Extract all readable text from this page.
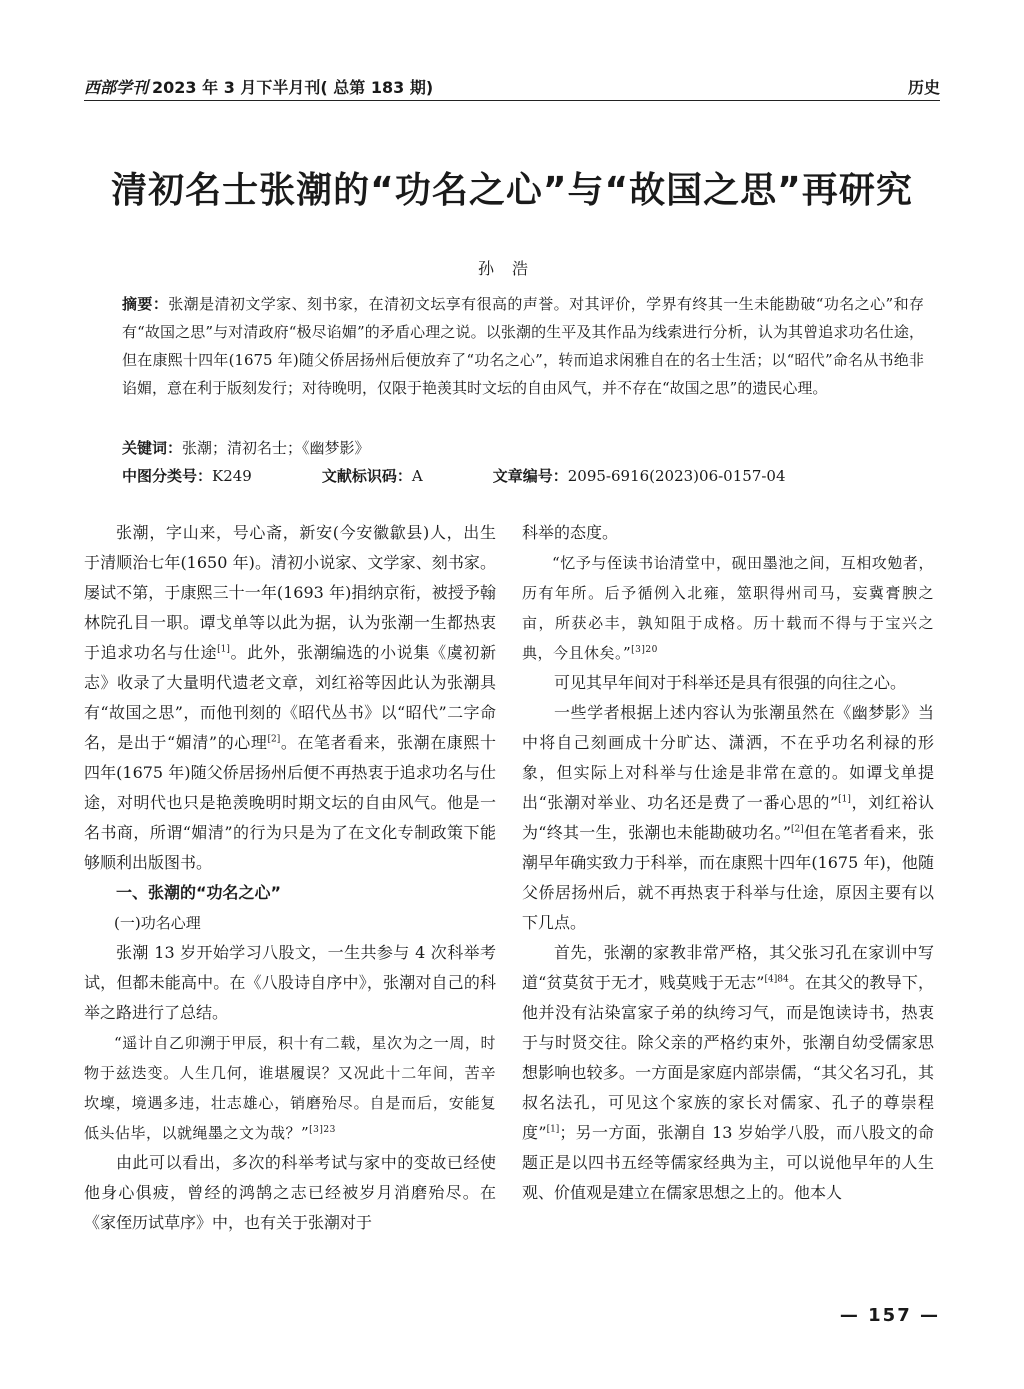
西部学刊 2023 年 3 月下半月刊( 总第 183 期)	历史
清初名士张潮的“功名之心”与“故国之思”再研究
孙浩

摘要：张潮是清初文学家、刻书家，在清初文坛享有很高的声誉。对其评价，学界有终其一生未能勘破“功名之心”和存有“故国之思”与对清政府“极尽谄媚”的矛盾心理之说。以张潮的生平及其作品为线索进行分析，认为其曾追求功名仕途，但在康熙十四年(1675 年)随父侨居扬州后便放弃了“功名之心”，转而追求闲雅自在的名士生活；以“昭代”命名从书绝非谄媚，意在利于版刻发行；对待晚明，仅限于艳羡其时文坛的自由风气，并不存在“故国之思”的遗民心理。

关键词：张潮；清初名士；《幽梦影》
中图分类号：K249	文献标识码：A	文章编号：2095-6916(2023)06-0157-04

张潮，字山来，号心斋，新安(今安徽歙县)人，出生于清顺治七年(1650 年)。清初小说家、文学家、刻书家。屡试不第，于康熙三十一年(1693 年)捐纳京衔，被授予翰林院孔目一职。谭戈单等以此为据，认为张潮一生都热衷于追求功名与仕途[1]。此外，张潮编选的小说集《虞初新志》收录了大量明代遗老文章，刘红裕等因此认为张潮具有“故国之思”，而他刊刻的《昭代丛书》以“昭代”二字命名，是出于“媚清”的心理[2]。在笔者看来，张潮在康熙十四年(1675 年)随父侨居扬州后便不再热衷于追求功名与仕途，对明代也只是艳羡晚明时期文坛的自由风气。他是一名书商，所谓“媚清”的行为只是为了在文化专制政策下能够顺利出版图书。

一、张潮的“功名之心”
(一)功名心理

张潮 13 岁开始学习八股文，一生共参与 4 次科举考试，但都未能高中。在《八股诗自序中》，张潮对自己的科举之路进行了总结。

“遥计自乙卯溯于甲辰，积十有二载，星次为之一周，时物于兹迭变。人生几何，谁堪履误？又况此十二年间，苦辛坎壈，境遇多违，壮志雄心，销磨殆尽。自是而后，安能复低头佔毕，以就绳墨之文为哉？”$^{[3]23}$

由此可以看出，多次的科举考试与家中的变故已经使他身心俱疲，曾经的鸿鹄之志已经被岁月消磨殆尽。在《家侄历试草序》中，也有关于张潮对于

科举的态度。

“忆予与侄读书诒清堂中，砚田墨池之间，互相攻勉者，历有年所。后予循例入北雍，筮职得州司马，妄冀膏腴之亩，所获必丰，孰知阻于成格。历十载而不得与于宝兴之典，今且休矣。”$^{[3]20}$

可见其早年间对于科举还是具有很强的向往之心。

一些学者根据上述内容认为张潮虽然在《幽梦影》当中将自己刻画成十分旷达、潇洒，不在乎功名利禄的形象，但实际上对科举与仕途是非常在意的。如谭戈单提出“张潮对举业、功名还是费了一番心思的”[1]，刘红裕认为“终其一生，张潮也未能勘破功名。”[2]但在笔者看来，张潮早年确实致力于科举，而在康熙十四年(1675 年)，他随父侨居扬州后，就不再热衷于科举与仕途，原因主要有以下几点。

首先，张潮的家教非常严格，其父张习孔在家训中写道“贫莫贫于无才，贱莫贱于无志”$^{[4]84}$。在其父的教导下，他并没有沾染富家子弟的纨绔习气，而是饱读诗书，热衷于与时贤交往。除父亲的严格约束外，张潮自幼受儒家思想影响也较多。一方面是家庭内部崇儒，“其父名习孔，其叔名法孔，可见这个家族的家长对儒家、孔子的尊崇程度”[1]；另一方面，张潮自 13 岁始学八股，而八股文的命题正是以四书五经等儒家经典为主，可以说他早年的人生观、价值观是建立在儒家思想之上的。他本人

— 157 —
